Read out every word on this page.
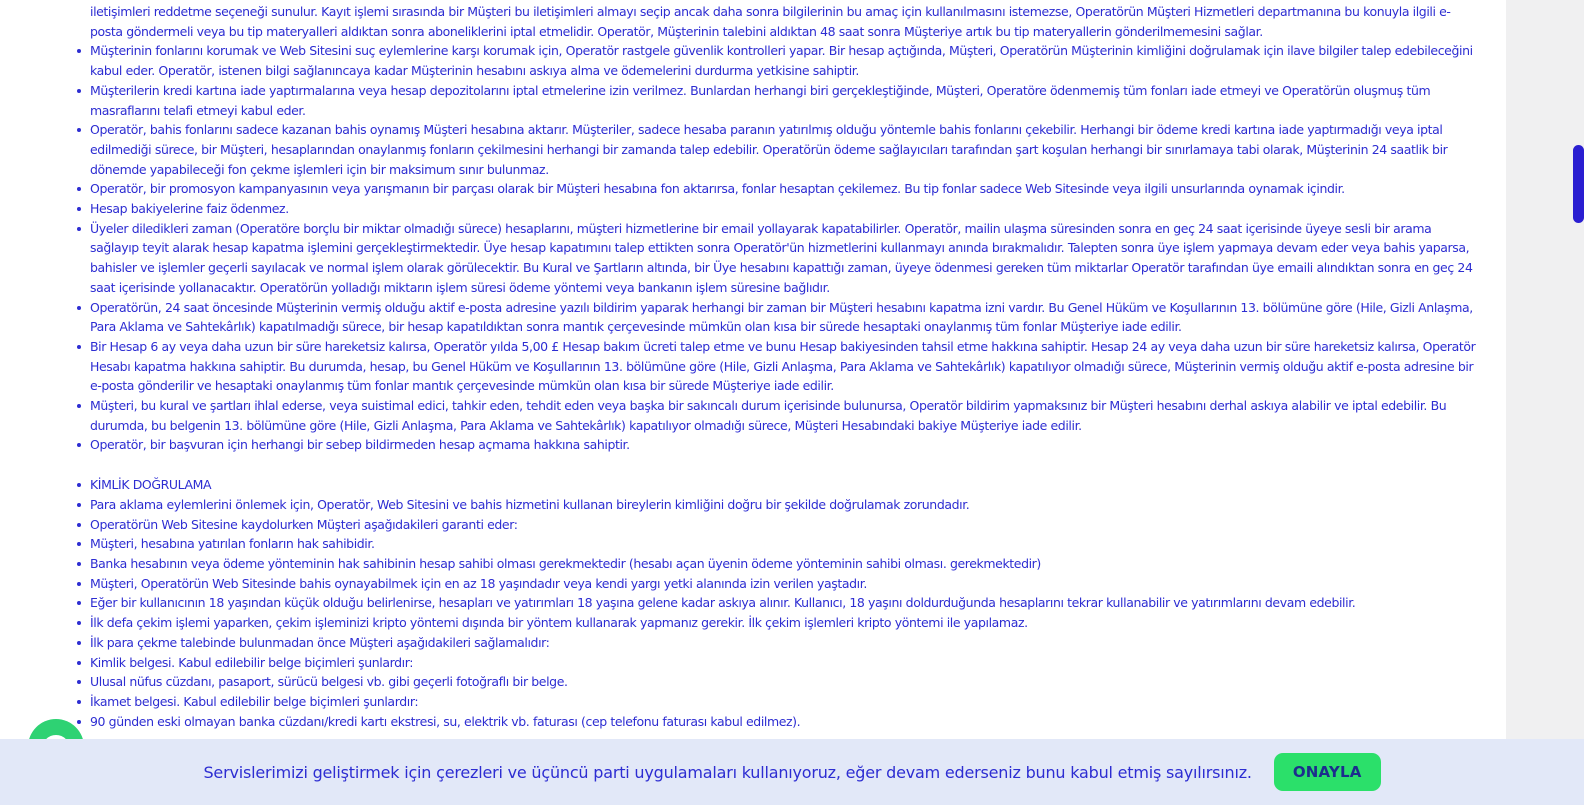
iletişimleri reddetme seçeneği sunulur. Kayıt işlemi sırasında bir Müşteri bu iletişimleri almayı seçip ancak daha sonra bilgilerinin bu amaç için kullanılmasını istemezse, Operatörün Müşteri Hizmetleri departmanına bu konuyla ilgili e-posta göndermeli veya bu tip materyalleri aldıktan sonra aboneliklerini iptal etmelidir. Operatör, Müşterinin talebini aldıktan 48 saat sonra Müşteriye artık bu tip materyallerin gönderilmemesini sağlar.
Müşterinin fonlarını korumak ve Web Sitesini suç eylemlerine karşı korumak için, Operatör rastgele güvenlik kontrolleri yapar. Bir hesap açtığında, Müşteri, Operatörün Müşterinin kimliğini doğrulamak için ilave bilgiler talep edebileceğini kabul eder. Operatör, istenen bilgi sağlanıncaya kadar Müşterinin hesabını askıya alma ve ödemelerini durdurma yetkisine sahiptir.
Müşterilerin kredi kartına iade yaptırmalarına veya hesap depozitolarını iptal etmelerine izin verilmez. Bunlardan herhangi biri gerçekleştiğinde, Müşteri, Operatöre ödenmemiş tüm fonları iade etmeyi ve Operatörün oluşmuş tüm masraflarını telafi etmeyi kabul eder.
Operatör, bahis fonlarını sadece kazanan bahis oynamış Müşteri hesabına aktarır. Müşteriler, sadece hesaba paranın yatırılmış olduğu yöntemle bahis fonlarını çekebilir. Herhangi bir ödeme kredi kartına iade yaptırmadığı veya iptal edilmediği sürece, bir Müşteri, hesaplarından onaylanmış fonların çekilmesini herhangi bir zamanda talep edebilir. Operatörün ödeme sağlayıcıları tarafından şart koşulan herhangi bir sınırlamaya tabi olarak, Müşterinin 24 saatlik bir dönemde yapabileceği fon çekme işlemleri için bir maksimum sınır bulunmaz.
Operatör, bir promosyon kampanyasının veya yarışmanın bir parçası olarak bir Müşteri hesabına fon aktarırsa, fonlar hesaptan çekilemez. Bu tip fonlar sadece Web Sitesinde veya ilgili unsurlarında oynamak içindir.
Hesap bakiyelerine faiz ödenmez.
Üyeler diledikleri zaman (Operatöre borçlu bir miktar olmadığı sürece) hesaplarını, müşteri hizmetlerine bir email yollayarak kapatabilirler. Operatör, mailin ulaşma süresinden sonra en geç 24 saat içerisinde üyeye sesli bir arama sağlayıp teyit alarak hesap kapatma işlemini gerçekleştirmektedir. Üye hesap kapatımını talep ettikten sonra Operatör'ün hizmetlerini kullanmayı anında bırakmalıdır. Talepten sonra üye işlem yapmaya devam eder veya bahis yaparsa, bahisler ve işlemler geçerli sayılacak ve normal işlem olarak görülecektir. Bu Kural ve Şartların altında, bir Üye hesabını kapattığı zaman, üyeye ödenmesi gereken tüm miktarlar Operatör tarafından üye emaili alındıktan sonra en geç 24 saat içerisinde yollanacaktır. Operatörün yolladığı miktarın işlem süresi ödeme yöntemi veya bankanın işlem süresine bağlıdır.
Operatörün, 24 saat öncesinde Müşterinin vermiş olduğu aktif e-posta adresine yazılı bildirim yaparak herhangi bir zaman bir Müşteri hesabını kapatma izni vardır. Bu Genel Hüküm ve Koşullarının 13. bölümüne göre (Hile, Gizli Anlaşma, Para Aklama ve Sahtekârlık) kapatılmadığı sürece, bir hesap kapatıldıktan sonra mantık çerçevesinde mümkün olan kısa bir sürede hesaptaki onaylanmış tüm fonlar Müşteriye iade edilir.
Bir Hesap 6 ay veya daha uzun bir süre hareketsiz kalırsa, Operatör yılda 5,00 £ Hesap bakım ücreti talep etme ve bunu Hesap bakiyesinden tahsil etme hakkına sahiptir. Hesap 24 ay veya daha uzun bir süre hareketsiz kalırsa, Operatör Hesabı kapatma hakkına sahiptir. Bu durumda, hesap, bu Genel Hüküm ve Koşullarının 13. bölümüne göre (Hile, Gizli Anlaşma, Para Aklama ve Sahtekârlık) kapatılıyor olmadığı sürece, Müşterinin vermiş olduğu aktif e-posta adresine bir e-posta gönderilir ve hesaptaki onaylanmış tüm fonlar mantık çerçevesinde mümkün olan kısa bir sürede Müşteriye iade edilir.
Müşteri, bu kural ve şartları ihlal ederse, veya suistimal edici, tahkir eden, tehdit eden veya başka bir sakıncalı durum içerisinde bulunursa, Operatör bildirim yapmaksınız bir Müşteri hesabını derhal askıya alabilir ve iptal edebilir. Bu durumda, bu belgenin 13. bölümüne göre (Hile, Gizli Anlaşma, Para Aklama ve Sahtekârlık) kapatılıyor olmadığı sürece, Müşteri Hesabındaki bakiye Müşteriye iade edilir.
Operatör, bir başvuran için herhangi bir sebep bildirmeden hesap açmama hakkına sahiptir.
KİMLİK DOĞRULAMA
Para aklama eylemlerini önlemek için, Operatör, Web Sitesini ve bahis hizmetini kullanan bireylerin kimliğini doğru bir şekilde doğrulamak zorundadır.
Operatörün Web Sitesine kaydolurken Müşteri aşağıdakileri garanti eder:
Müşteri, hesabına yatırılan fonların hak sahibidir.
Banka hesabının veya ödeme yönteminin hak sahibinin hesap sahibi olması gerekmektedir (hesabı açan üyenin ödeme yönteminin sahibi olması. gerekmektedir)
Müşteri, Operatörün Web Sitesinde bahis oynayabilmek için en az 18 yaşındadır veya kendi yargı yetki alanında izin verilen yaştadır.
Eğer bir kullanıcının 18 yaşından küçük olduğu belirlenirse, hesapları ve yatırımları 18 yaşına gelene kadar askıya alınır. Kullanıcı, 18 yaşını doldurduğunda hesaplarını tekrar kullanabilir ve yatırımlarını devam edebilir.
İlk defa çekim işlemi yaparken, çekim işleminizi kripto yöntemi dışında bir yöntem kullanarak yapmanız gerekir. İlk çekim işlemleri kripto yöntemi ile yapılamaz.
İlk para çekme talebinde bulunmadan önce Müşteri aşağıdakileri sağlamalıdır:
Kimlik belgesi. Kabul edilebilir belge biçimleri şunlardır:
Ulusal nüfus cüzdanı, pasaport, sürücü belgesi vb. gibi geçerli fotoğraflı bir belge.
İkamet belgesi. Kabul edilebilir belge biçimleri şunlardır:
90 günden eski olmayan banka cüzdanı/kredi kartı ekstresi, su, elektrik vb. faturası (cep telefonu faturası kabul edilmez).
Servislerimizi geliştirmek için çerezleri ve üçüncü parti uygulamaları kullanıyoruz, eğer devam ederseniz bunu kabul etmiş sayılırsınız.	ONAYLA
